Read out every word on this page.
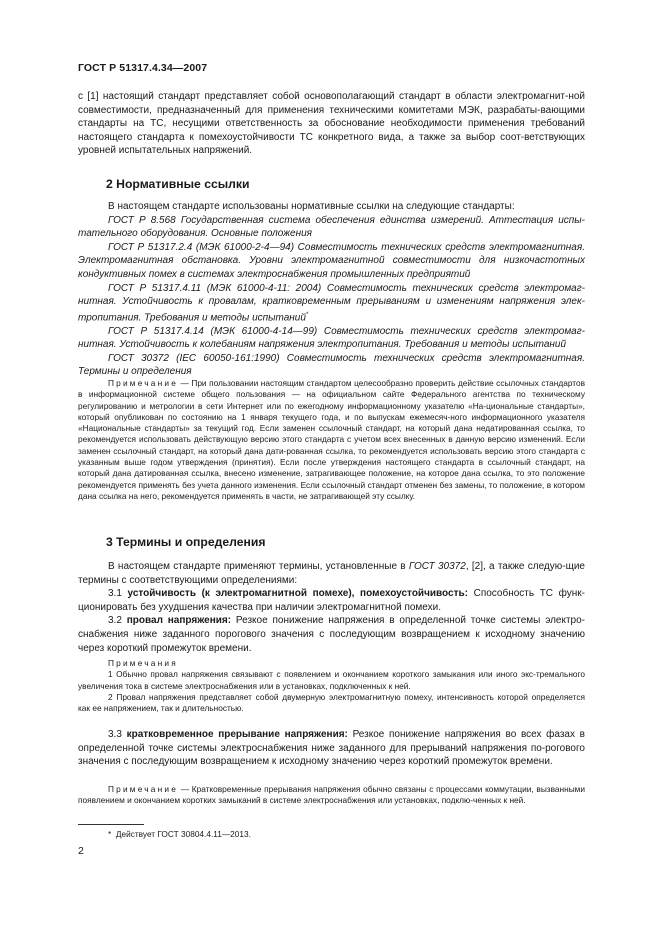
ГОСТ Р 51317.4.34—2007

c [1] настоящий стандарт представляет собой основополагающий стандарт в области электромагнит-ной совместимости, предназначенный для применения техническими комитетами МЭК, разрабаты-вающими стандарты на ТС, несущими ответственность за обоснование необходимости применения требований настоящего стандарта к помехоустойчивости ТС конкретного вида, а также за выбор соот-ветствующих уровней испытательных напряжений.

2 Нормативные ссылки

В настоящем стандарте использованы нормативные ссылки на следующие стандарты:

ГОСТ Р 8.568 Государственная система обеспечения единства измерений. Аттестация испы-тательного оборудования. Основные положения

ГОСТ Р 51317.2.4 (МЭК 61000-2-4—94) Совместимость технических средств электромагнитная. Электромагнитная обстановка. Уровни электромагнитной совместимости для низкочастотных кондуктивных помех в системах электроснабжения промышленных предприятий

ГОСТ Р 51317.4.11 (МЭК 61000-4-11: 2004) Совместимость технических средств электромаг-нитная. Устойчивость к провалам, кратковременным прерываниям и изменениям напряжения элек-тропитания. Требования и методы испытаний*

ГОСТ Р 51317.4.14 (МЭК 61000-4-14—99) Совместимость технических средств электромаг-нитная. Устойчивость к колебаниям напряжения электропитания. Требования и методы испытаний

ГОСТ 30372 (IEC 60050-161:1990) Совместимость технических средств электромагнитная. Термины и определения

Примечание — При пользовании настоящим стандартом целесообразно проверить действие ссылочных стандартов в информационной системе общего пользования — на официальном сайте Федерального агентства по техническому регулированию и метрологии в сети Интернет или по ежегодному информационному указателю «На-циональные стандарты», который опубликован по состоянию на 1 января текущего года, и по выпускам ежемесяч-ного информационного указателя «Национальные стандарты» за текущий год. Если заменен ссылочный стандарт, на который дана недатированная ссылка, то рекомендуется использовать действующую версию этого стандарта с учетом всех внесенных в данную версию изменений. Если заменен ссылочный стандарт, на который дана дати-рованная ссылка, то рекомендуется использовать версию этого стандарта с указанным выше годом утверждения (принятия). Если после утверждения настоящего стандарта в ссылочный стандарт, на который дана датированная ссылка, внесено изменение, затрагивающее положение, на которое дана ссылка, то это положение рекомендуется применять без учета данного изменения. Если ссылочный стандарт отменен без замены, то положение, в котором дана ссылка на него, рекомендуется применять в части, не затрагивающей эту ссылку.

3 Термины и определения

В настоящем стандарте применяют термины, установленные в ГОСТ 30372, [2], а также следую-щие термины с соответствующими определениями:

3.1 устойчивость (к электромагнитной помехе), помехоустойчивость: Способность ТС функ-ционировать без ухудшения качества при наличии электромагнитной помехи.

3.2 провал напряжения: Резкое понижение напряжения в определенной точке системы электро-снабжения ниже заданного порогового значения с последующим возвращением к исходному значению через короткий промежуток времени.

Примечания

1 Обычно провал напряжения связывают с появлением и окончанием короткого замыкания или иного экс-тремального увеличения тока в системе электроснабжения или в установках, подключенных к ней.

2 Провал напряжения представляет собой двумерную электромагнитную помеху, интенсивность которой определяется как ее напряжением, так и длительностью.

3.3 кратковременное прерывание напряжения: Резкое понижение напряжения во всех фазах в определенной точке системы электроснабжения ниже заданного для прерываний напряжения по-рогового значения с последующим возвращением к исходному значению через короткий промежуток времени.

Примечание — Кратковременные прерывания напряжения обычно связаны с процессами коммутации, вызванными появлением и окончанием коротких замыканий в системе электроснабжения или установках, подклю-ченных к ней.

* Действует ГОСТ 30804.4.11—2013.
2
